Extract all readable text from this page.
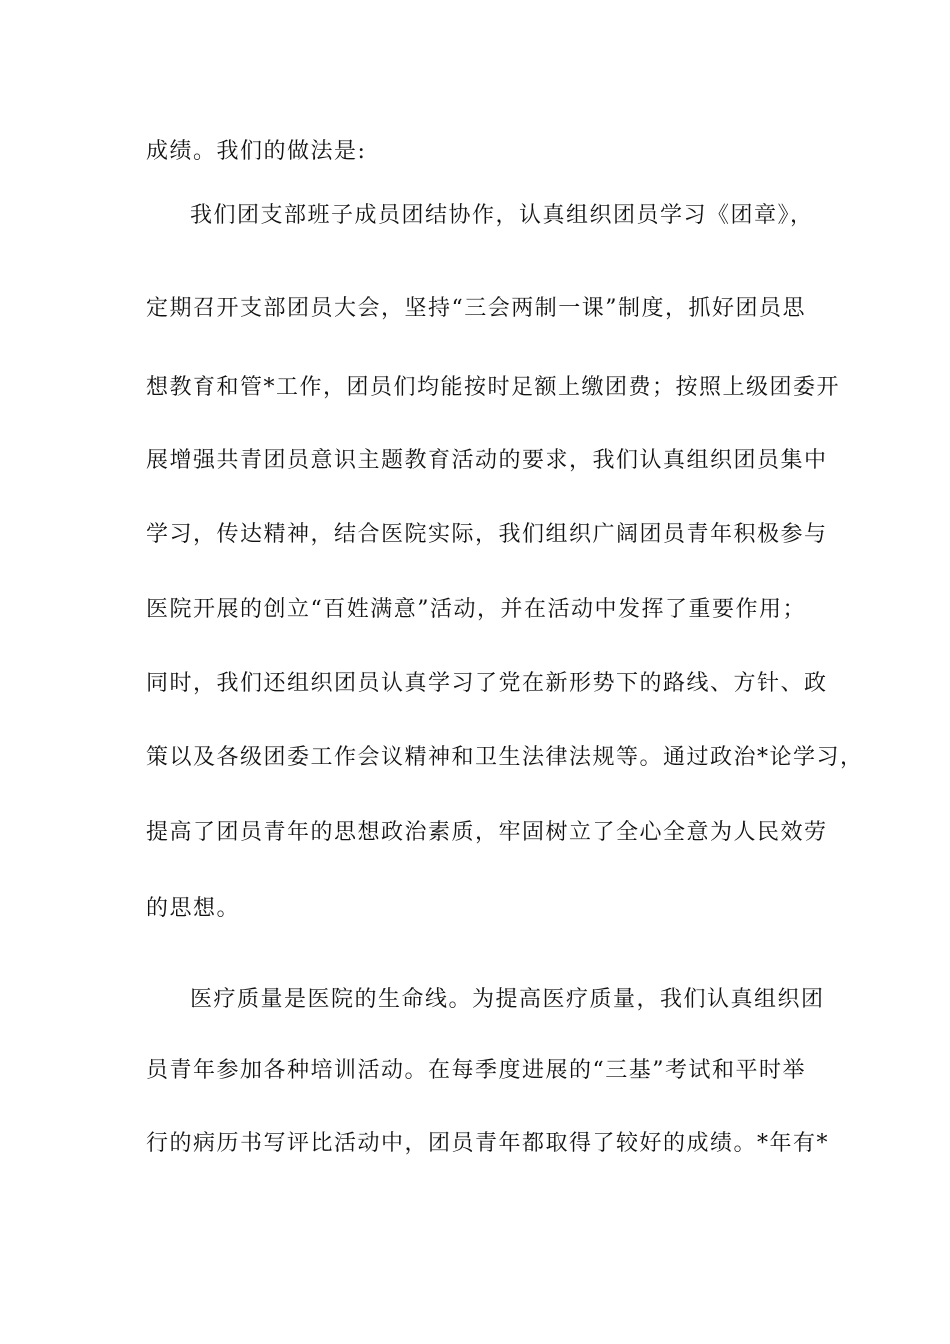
成绩。我们的做法是:

我们团支部班子成员团结协作，认真组织团员学习《团章》，

定期召开支部团员大会，坚持“三会两制一课”制度，抓好团员思

想教育和管*工作，团员们均能按时足额上缴团费；按照上级团委开

展增强共青团员意识主题教育活动的要求，我们认真组织团员集中

学习，传达精神，结合医院实际，我们组织广阔团员青年积极参与

医院开展的创立“百姓满意”活动，并在活动中发挥了重要作用；

同时，我们还组织团员认真学习了党在新形势下的路线、方针、政

策以及各级团委工作会议精神和卫生法律法规等。通过政治*论学习，

提高了团员青年的思想政治素质，牢固树立了全心全意为人民效劳

的思想。

医疗质量是医院的生命线。为提高医疗质量，我们认真组织团

员青年参加各种培训活动。在每季度进展的“三基”考试和平时举

行的病历书写评比活动中，团员青年都取得了较好的成绩。*年有*
